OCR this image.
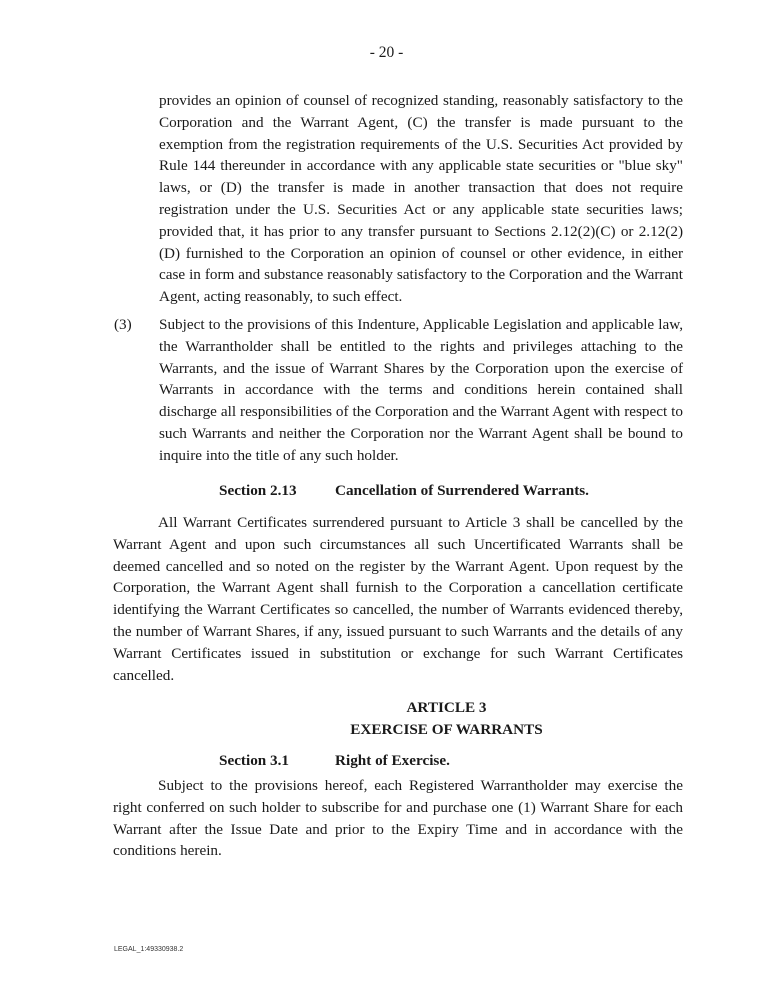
- 20 -
provides an opinion of counsel of recognized standing, reasonably satisfactory to the Corporation and the Warrant Agent, (C) the transfer is made pursuant to the exemption from the registration requirements of the U.S. Securities Act provided by Rule 144 thereunder in accordance with any applicable state securities or "blue sky" laws, or (D) the transfer is made in another transaction that does not require registration under the U.S. Securities Act or any applicable state securities laws; provided that, it has prior to any transfer pursuant to Sections 2.12(2)(C) or 2.12(2)(D) furnished to the Corporation an opinion of counsel or other evidence, in either case in form and substance reasonably satisfactory to the Corporation and the Warrant Agent, acting reasonably, to such effect.
(3) Subject to the provisions of this Indenture, Applicable Legislation and applicable law, the Warrantholder shall be entitled to the rights and privileges attaching to the Warrants, and the issue of Warrant Shares by the Corporation upon the exercise of Warrants in accordance with the terms and conditions herein contained shall discharge all responsibilities of the Corporation and the Warrant Agent with respect to such Warrants and neither the Corporation nor the Warrant Agent shall be bound to inquire into the title of any such holder.
Section 2.13	Cancellation of Surrendered Warrants.
All Warrant Certificates surrendered pursuant to Article 3 shall be cancelled by the Warrant Agent and upon such circumstances all such Uncertificated Warrants shall be deemed cancelled and so noted on the register by the Warrant Agent. Upon request by the Corporation, the Warrant Agent shall furnish to the Corporation a cancellation certificate identifying the Warrant Certificates so cancelled, the number of Warrants evidenced thereby, the number of Warrant Shares, if any, issued pursuant to such Warrants and the details of any Warrant Certificates issued in substitution or exchange for such Warrant Certificates cancelled.
ARTICLE 3
EXERCISE OF WARRANTS
Section 3.1	Right of Exercise.
Subject to the provisions hereof, each Registered Warrantholder may exercise the right conferred on such holder to subscribe for and purchase one (1) Warrant Share for each Warrant after the Issue Date and prior to the Expiry Time and in accordance with the conditions herein.
LEGAL_1:49330938.2
